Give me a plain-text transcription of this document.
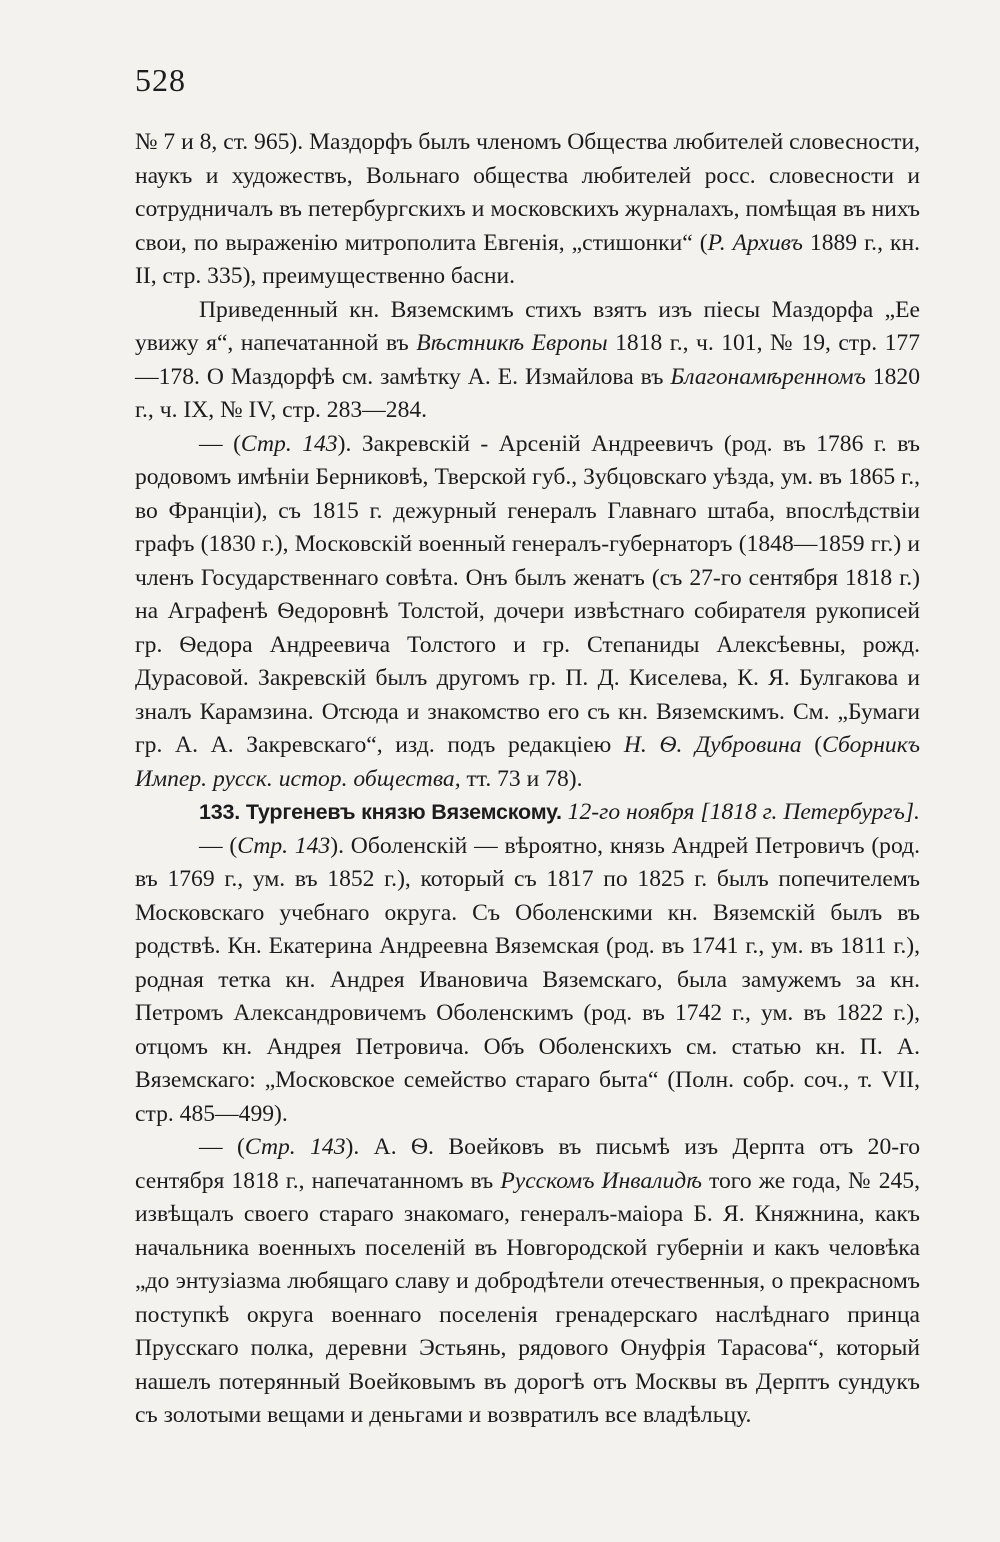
528

№ 7 и 8, ст. 965). Маздорфъ былъ членомъ Общества любителей словесности, наукъ и художествъ, Вольнаго общества любителей росс. словесности и сотрудничалъ въ петербургскихъ и московскихъ журналахъ, помѣщая въ нихъ свои, по выраженію митрополита Евгенія, „стишонки“ (Р. Архивъ 1889 г., кн. II, стр. 335), преимущественно басни.

Приведенный кн. Вяземскимъ стихъ взятъ изъ піесы Маздорфа „Ее увижу я“, напечатанной въ Вѣстникѣ Европы 1818 г., ч. 101, № 19, стр. 177—178. О Маздорфѣ см. замѣтку А. Е. Измайлова въ Благонамѣренномъ 1820 г., ч. IX, № IV, стр. 283—284.

— (Стр. 143). Закревскій - Арсеній Андреевичъ (род. въ 1786 г. въ родовомъ имѣніи Берниковѣ, Тверской губ., Зубцовскаго уѣзда, ум. въ 1865 г., во Франціи), съ 1815 г. дежурный генералъ Главнаго штаба, впослѣдствіи графъ (1830 г.), Московскій военный генералъ-губернаторъ (1848—1859 гг.) и членъ Государственнаго совѣта. Онъ былъ женатъ (съ 27-го сентября 1818 г.) на Аграфенѣ Ѳедоровнѣ Толстой, дочери извѣстнаго собирателя рукописей гр. Ѳедора Андреевича Толстого и гр. Степаниды Алексѣевны, рожд. Дурасовой. Закревскій былъ другомъ гр. П. Д. Киселева, К. Я. Булгакова и зналъ Карамзина. Отсюда и знакомство его съ кн. Вяземскимъ. См. „Бумаги гр. А. А. Закревскаго“, изд. подъ редакціею Н. Ѳ. Дубровина (Сборникъ Импер. русск. истор. общества, тт. 73 и 78).

133. Тургеневъ князю Вяземскому. 12-го ноября [1818 г. Петербургъ].

— (Стр. 143). Оболенскій — вѣроятно, князь Андрей Петровичъ (род. въ 1769 г., ум. въ 1852 г.), который съ 1817 по 1825 г. былъ попечителемъ Московскаго учебнаго округа. Съ Оболенскими кн. Вяземскій былъ въ родствѣ. Кн. Екатерина Андреевна Вяземская (род. въ 1741 г., ум. въ 1811 г.), родная тетка кн. Андрея Ивановича Вяземскаго, была замужемъ за кн. Петромъ Александровичемъ Оболенскимъ (род. въ 1742 г., ум. въ 1822 г.), отцомъ кн. Андрея Петровича. Объ Оболенскихъ см. статью кн. П. А. Вяземскаго: „Московское семейство стараго быта“ (Полн. собр. соч., т. VII, стр. 485—499).

— (Стр. 143). А. Ѳ. Воейковъ въ письмѣ изъ Дерпта отъ 20-го сентября 1818 г., напечатанномъ въ Русскомъ Инвалидѣ того же года, № 245, извѣщалъ своего стараго знакомаго, генералъ-маіора Б. Я. Княжнина, какъ начальника военныхъ поселеній въ Новгородской губерніи и какъ человѣка „до энтузіазма любящаго славу и добродѣтели отечественныя, о прекрасномъ поступкѣ округа военнаго поселенія гренадерскаго наслѣднаго принца Прусскаго полка, деревни Эстьянь, рядового Онуфрія Тарасова“, который нашелъ потерянный Воейковымъ въ дорогѣ отъ Москвы въ Дерптъ сундукъ съ золотыми вещами и деньгами и возвратилъ все владѣльцу.
